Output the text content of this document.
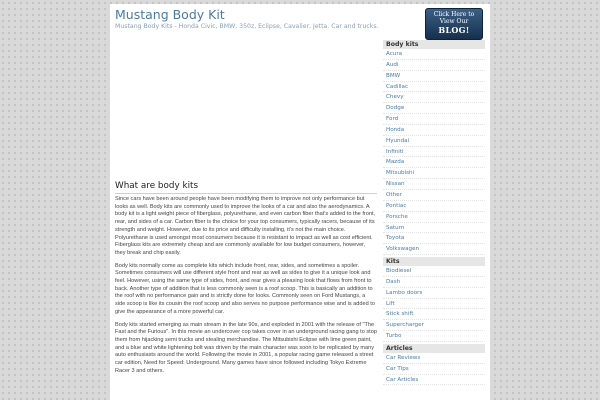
Mustang Body Kit

Mustang Body Kits - Honda Civic, BMW, 350z, Eclipse, Cavalier, Jetta. Car and trucks.

Click Here to
View Our
BLOG!
What are body kits

Since cars have been around people have been modifying them to improve not only performance but looks as well. Body kits are commonly used to improve the looks of a car and also the aerodynamics. A body kit is a light weight piece of fiberglass, polyurethane, and even carbon fiber that's added to the front, rear, and sides of a car. Carbon fiber is the choice for your top consumers, typically racers, because of its strength and weight. However, due to its price and difficulty installing, it's not the main choice. Polyurethane is used amongst most consumers because it is resistant to impact as well as cost efficient. Fiberglass kits are extremely cheap and are commonly available for low budget consumers, however, they break and chip easily.

Body kits normally come as complete kits which include front, rear, sides, and sometimes a spoiler. Sometimes consumers will use different style front and rear as well as sides to give it a unique look and feel. However, using the same type of sides, front, and rear gives a pleasing look that flows from front to back. Another type of addition that is less commonly seen is a roof scoop. This is basically an addition to the roof with no performance gain and is strictly done for looks. Commonly seen on Ford Mustangs, a side scoop is like its cousin the roof scoop and also serves no purpose performance wise and is added to give the appearance of a more powerful car.

Body kits started emerging as main stream in the late 90s, and exploded in 2001 with the release of "The Fast and the Furious". In this movie an undercover cop takes cover in an underground racing gang to stop them from hijacking semi trucks and stealing merchandise. The Mitsubishi Eclipse with lime green paint, and a blue and white lightening bolt was driven by the main character was soon to be replicated by many auto enthusiasts around the world. Following the movie in 2001, a popular racing game released a street car edition, Need for Speed: Underground. Many games have since followed including Tokyo Extreme Racer 3 and others.

Body kits
Acura
Audi
BMW
Cadillac
Chevy
Dodge
Ford
Honda
Hyundai
Infiniti
Mazda
Mitsubishi
Nissan
Other
Pontiac
Porsche
Saturn
Toyota
Volkswagen
Kits
Biodiesel
Dash
Lambo doors
Lift
Stick shift
Supercharger
Turbo
Articles
Car Reviews
Car Tips
Car Articles
